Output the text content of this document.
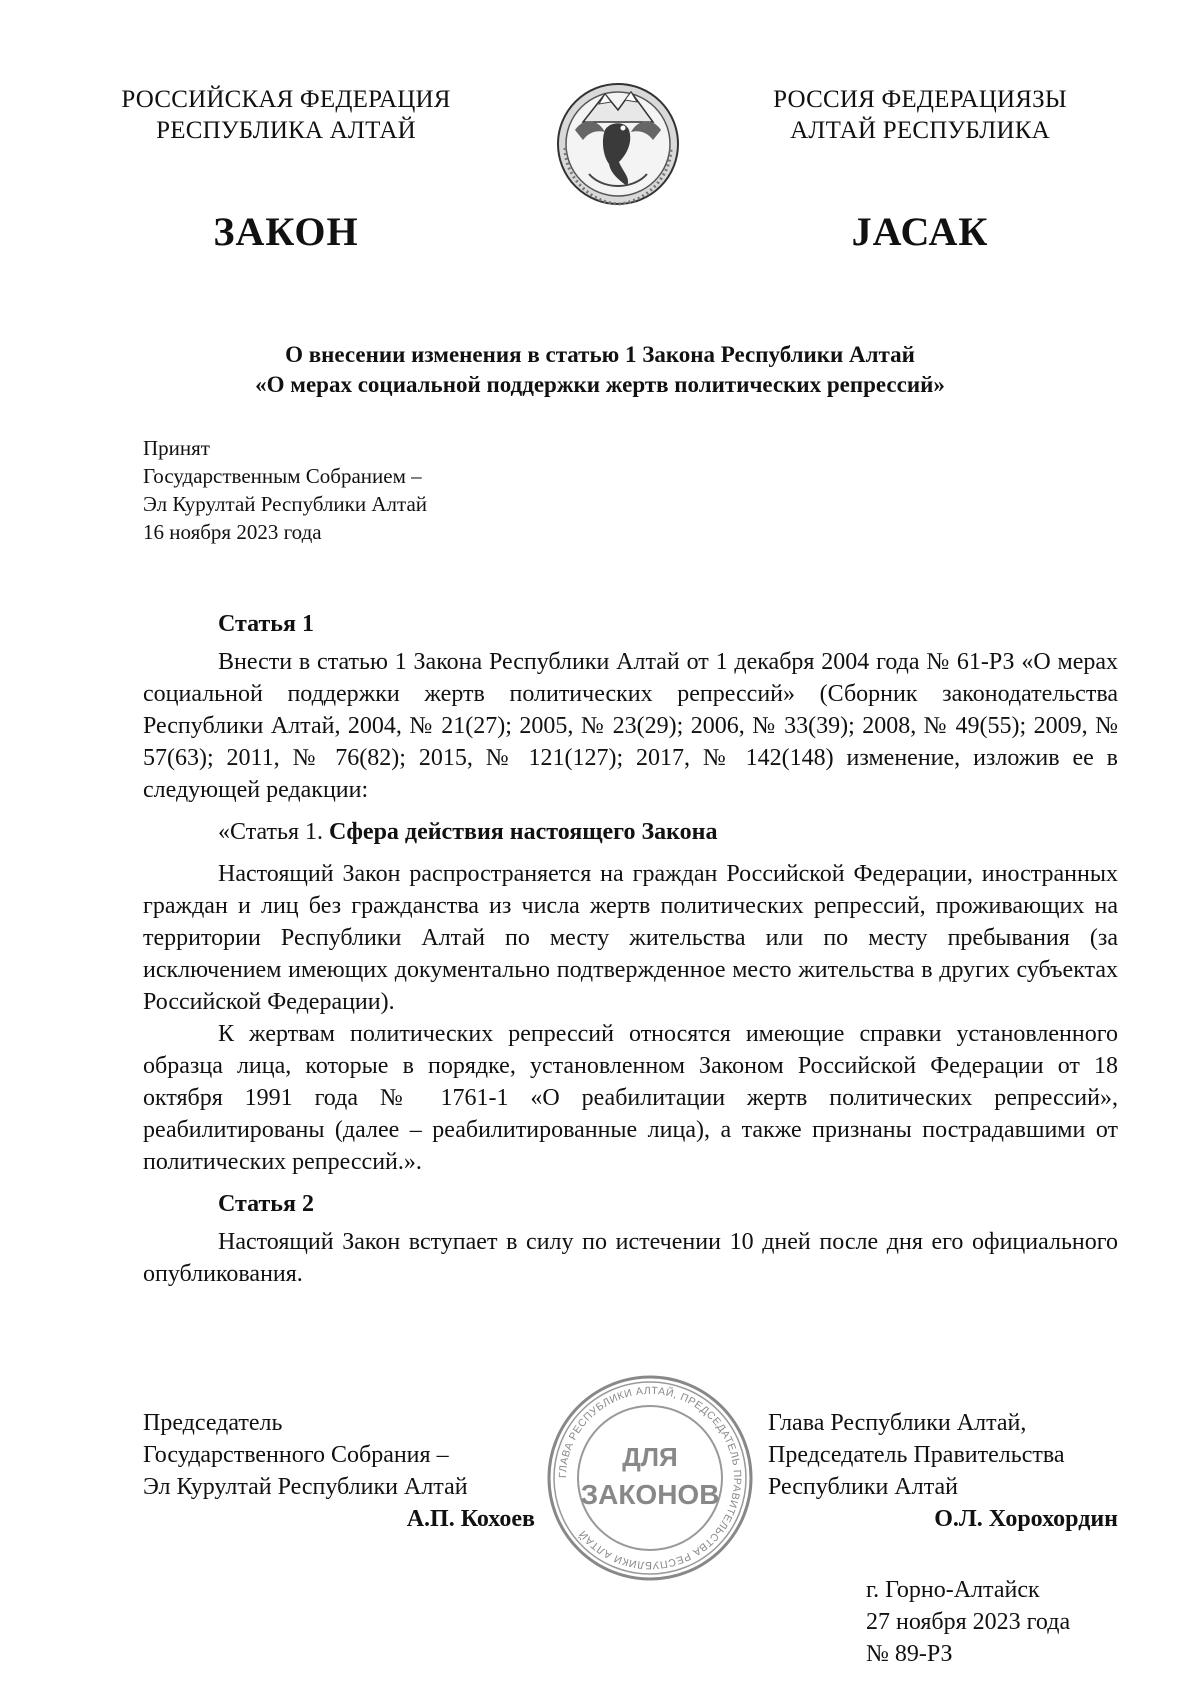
РОССИЙСКАЯ ФЕДЕРАЦИЯ
РЕСПУБЛИКА АЛТАЙ
РОССИЯ ФЕДЕРАЦИЯЗЫ
АЛТАЙ РЕСПУБЛИКА
ЗАКОН	JАСАК
О внесении изменения в статью 1 Закона Республики Алтай
«О мерах социальной поддержки жертв политических репрессий»
Принят
Государственным Собранием –
Эл Курултай Республики Алтай
16 ноября 2023 года
Статья 1

Внести в статью 1 Закона Республики Алтай от 1 декабря 2004 года № 61-РЗ «О мерах социальной поддержки жертв политических репрессий» (Сборник законодательства Республики Алтай, 2004, № 21(27); 2005, № 23(29); 2006, № 33(39); 2008, № 49(55); 2009, № 57(63); 2011, № 76(82); 2015, № 121(127); 2017, № 142(148) изменение, изложив ее в следующей редакции:

«Статья 1. Сфера действия настоящего Закона

Настоящий Закон распространяется на граждан Российской Федерации, иностранных граждан и лиц без гражданства из числа жертв политических репрессий, проживающих на территории Республики Алтай по месту жительства или по месту пребывания (за исключением имеющих документально подтвержденное место жительства в других субъектах Российской Федерации).

К жертвам политических репрессий относятся имеющие справки установленного образца лица, которые в порядке, установленном Законом Российской Федерации от 18 октября 1991 года № 1761-1 «О реабилитации жертв политических репрессий», реабилитированы (далее – реабилитированные лица), а также признаны пострадавшими от политических репрессий.».

Статья 2

Настоящий Закон вступает в силу по истечении 10 дней после дня его официального опубликования.

Председатель
Государственного Собрания –
Эл Курултай Республики Алтай
А.П. Кохоев
ГЛАВА РЕСПУБЛИКИ АЛТАЙ, ПРЕДСЕДАТЕЛЬ ПРАВИТЕЛЬСТВА РЕСПУБЛИКИ АЛТАЙ
ДЛЯ
ЗАКОНОВ
Глава Республики Алтай,
Председатель Правительства
Республики Алтай
О.Л. Хорохордин
г. Горно-Алтайск
27 ноября 2023 года
№ 89-РЗ
